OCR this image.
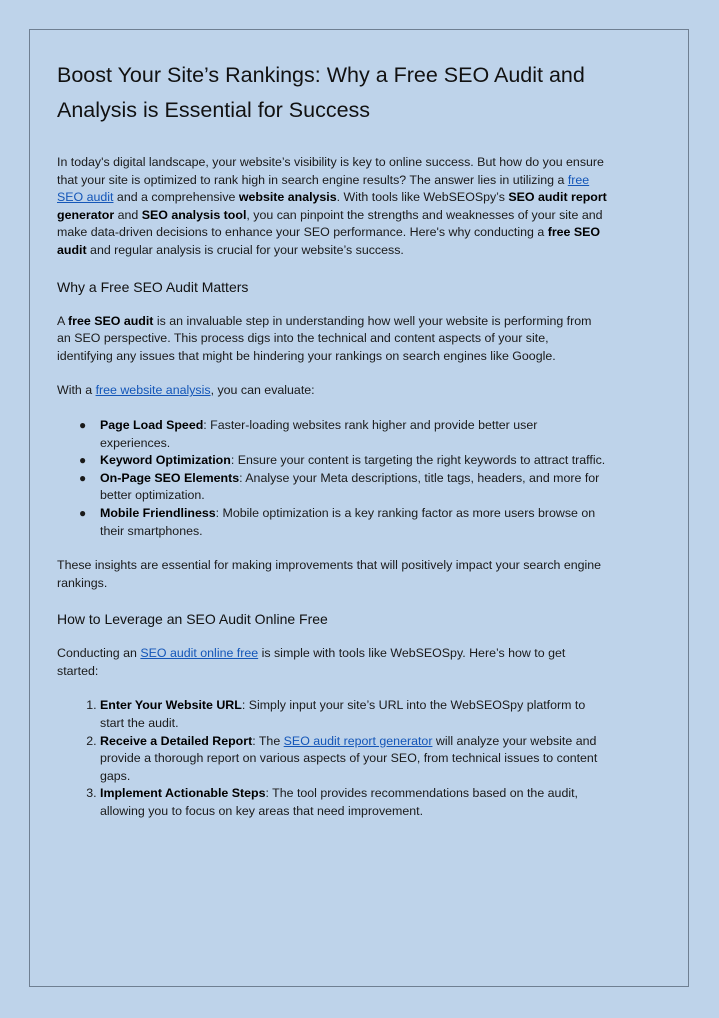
Boost Your Site’s Rankings: Why a Free SEO Audit and Analysis is Essential for Success

In today's digital landscape, your website’s visibility is key to online success. But how do you ensure that your site is optimized to rank high in search engine results? The answer lies in utilizing a free SEO audit and a comprehensive website analysis. With tools like WebSEOSpy’s SEO audit report generator and SEO analysis tool, you can pinpoint the strengths and weaknesses of your site and make data-driven decisions to enhance your SEO performance. Here's why conducting a free SEO audit and regular analysis is crucial for your website’s success.

Why a Free SEO Audit Matters

A free SEO audit is an invaluable step in understanding how well your website is performing from an SEO perspective. This process digs into the technical and content aspects of your site, identifying any issues that might be hindering your rankings on search engines like Google.

With a free website analysis, you can evaluate:

● Page Load Speed: Faster-loading websites rank higher and provide better user experiences.
● Keyword Optimization: Ensure your content is targeting the right keywords to attract traffic.
● On-Page SEO Elements: Analyse your Meta descriptions, title tags, headers, and more for better optimization.
● Mobile Friendliness: Mobile optimization is a key ranking factor as more users browse on their smartphones.

These insights are essential for making improvements that will positively impact your search engine rankings.

How to Leverage an SEO Audit Online Free

Conducting an SEO audit online free is simple with tools like WebSEOSpy. Here’s how to get started:

1. Enter Your Website URL: Simply input your site’s URL into the WebSEOSpy platform to start the audit.
2. Receive a Detailed Report: The SEO audit report generator will analyze your website and provide a thorough report on various aspects of your SEO, from technical issues to content gaps.
3. Implement Actionable Steps: The tool provides recommendations based on the audit, allowing you to focus on key areas that need improvement.
